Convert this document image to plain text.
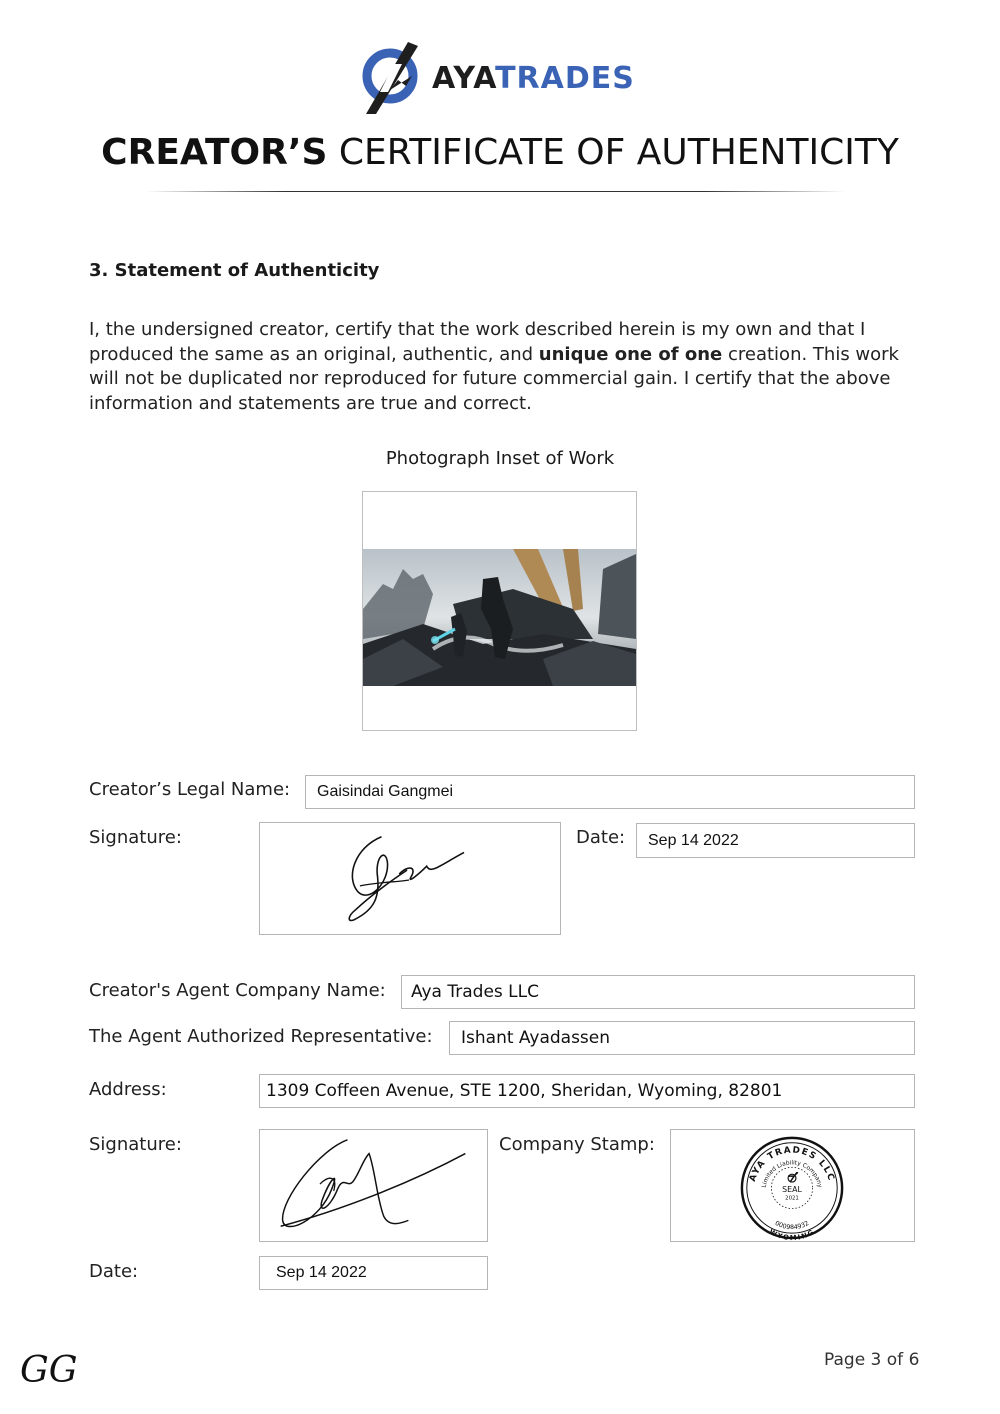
AYATRADES
CREATOR’S CERTIFICATE OF AUTHENTICITY
3. Statement of Authenticity
I, the undersigned creator, certify that the work described herein is my own and that I produced the same as an original, authentic, and unique one of one creation. This work will not be duplicated nor reproduced for future commercial gain. I certify that the above information and statements are true and correct.
Photograph Inset of Work
Creator’s Legal Name:	Gaisindai Gangmei
Signature:	Date:	Sep 14 2022
Creator's Agent Company Name:	Aya Trades LLC
The Agent Authorized Representative:	Ishant Ayadassen
Address:	1309 Coffeen Avenue, STE 1200, Sheridan, Wyoming, 82801
Signature:	Company Stamp:
AYA TRADES LLC
Limited Liability Company
SEAL
2021
000984932
WYOMING
Date:	Sep 14 2022
GG	Page 3 of 6
